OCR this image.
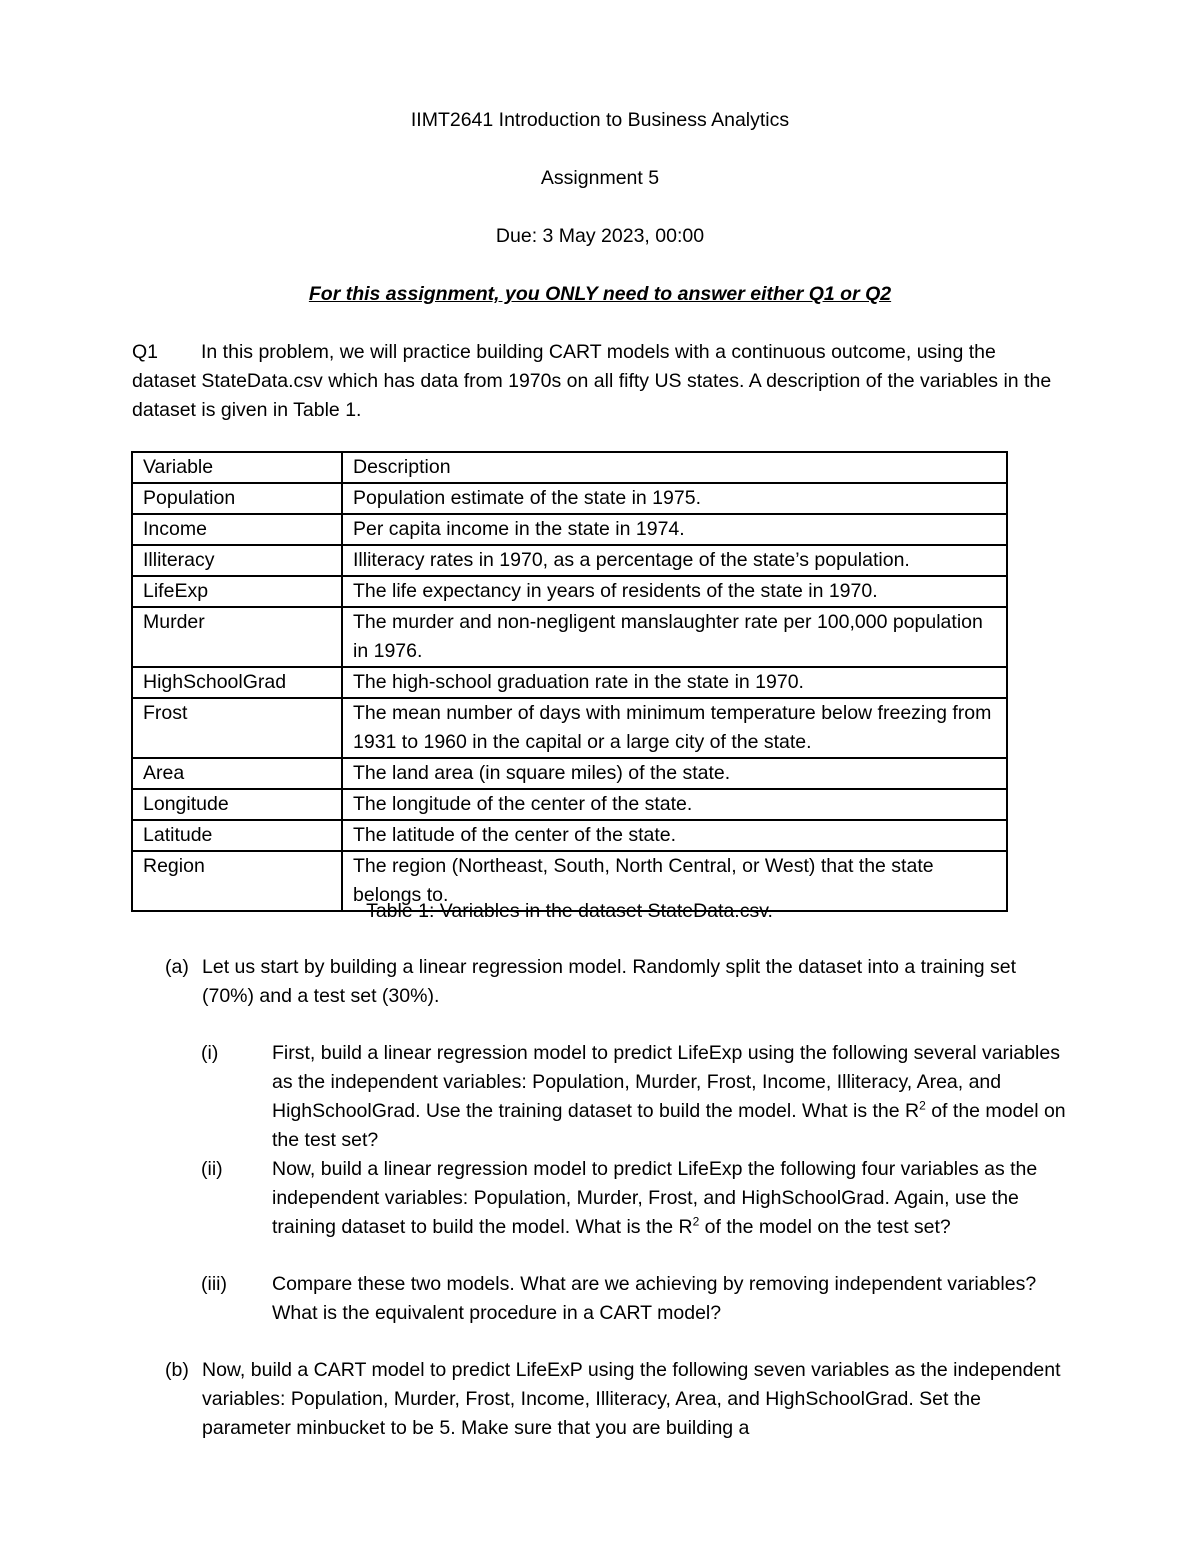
IIMT2641 Introduction to Business Analytics
Assignment 5
Due: 3 May 2023, 00:00
For this assignment, you ONLY need to answer either Q1 or Q2
In this problem, we will practice building CART models with a continuous outcome, using the dataset StateData.csv which has data from 1970s on all fifty US states. A description of the variables in the dataset is given in Table 1.
Q1
Variable	Description
Population	Population estimate of the state in 1975.
Income	Per capita income in the state in 1974.
Illiteracy	Illiteracy rates in 1970, as a percentage of the state’s population.
LifeExp	The life expectancy in years of residents of the state in 1970.
Murder	The murder and non-negligent manslaughter rate per 100,000 population in 1976.
HighSchoolGrad	The high-school graduation rate in the state in 1970.
Frost	The mean number of days with minimum temperature below freezing from 1931 to 1960 in the capital or a large city of the state.
Area	The land area (in square miles) of the state.
Longitude	The longitude of the center of the state.
Latitude	The latitude of the center of the state.
Region	The region (Northeast, South, North Central, or West) that the state belongs to.
Table 1: Variables in the dataset StateData.csv.
(a) Let us start by building a linear regression model. Randomly split the dataset into a training set (70%) and a test set (30%).
(i)	First, build a linear regression model to predict LifeExp using the following several variables as the independent variables: Population, Murder, Frost, Income, Illiteracy, Area, and HighSchoolGrad. Use the training dataset to build the model. What is the $R^2$ of the model on the test set?
(ii)	Now, build a linear regression model to predict LifeExp the following four variables as the independent variables: Population, Murder, Frost, and HighSchoolGrad. Again, use the training dataset to build the model. What is the $R^2$ of the model on the test set?
(iii) Compare these two models. What are we achieving by removing independent variables? What is the equivalent procedure in a CART model?
(b) Now, build a CART model to predict LifeExP using the following seven variables as the independent variables: Population, Murder, Frost, Income, Illiteracy, Area, and HighSchoolGrad. Set the parameter minbucket to be 5. Make sure that you are building a
